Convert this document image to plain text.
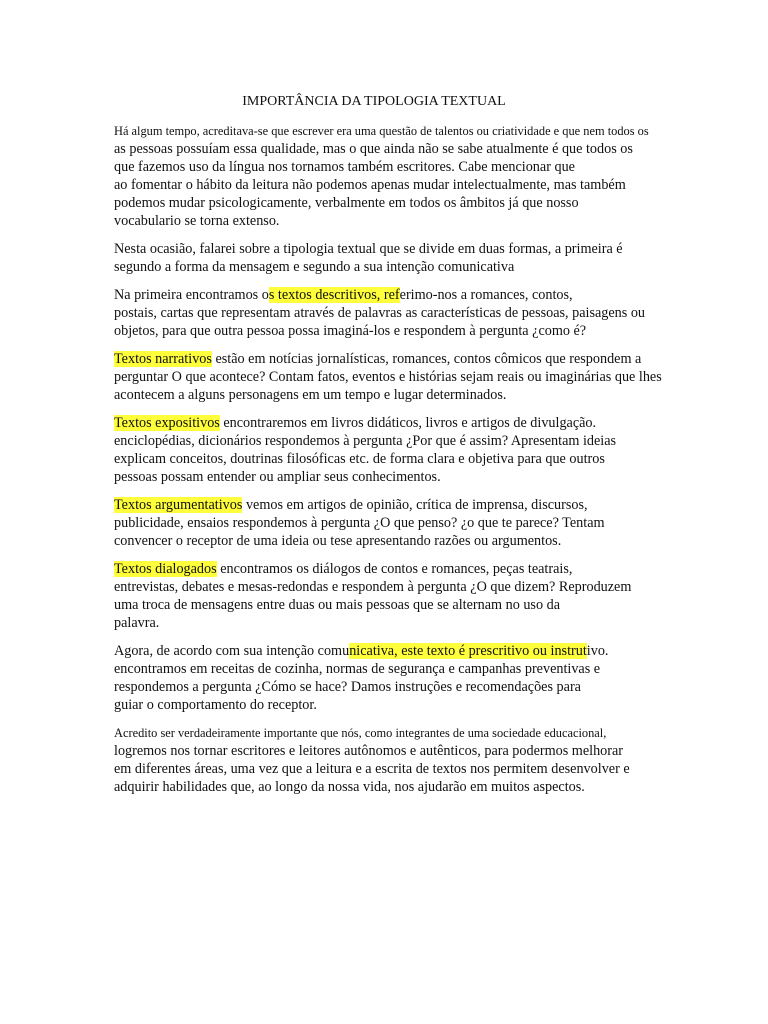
IMPORTÂNCIA DA TIPOLOGIA TEXTUAL

Há algum tempo, acreditava-se que escrever era uma questão de talentos ou criatividade e que nem todos os

as pessoas possuíam essa qualidade, mas o que ainda não se sabe atualmente é que todos os

que fazemos uso da língua nos tornamos também escritores. Cabe mencionar que

ao fomentar o hábito da leitura não podemos apenas mudar intelectualmente, mas também

podemos mudar psicologicamente, verbalmente em todos os âmbitos já que nosso

vocabulario se torna extenso.

Nesta ocasião, falarei sobre a tipologia textual que se divide em duas formas, a primeira é

segundo a forma da mensagem e segundo a sua intenção comunicativa

Na primeira encontramos os textos descritivos, referimo-nos a romances, contos,

postais, cartas que representam através de palavras as características de pessoas, paisagens ou

objetos, para que outra pessoa possa imaginá-los e respondem à pergunta ¿como é?

Textos narrativos estão em notícias jornalísticas, romances, contos cômicos que respondem a

perguntar O que acontece? Contam fatos, eventos e histórias sejam reais ou imaginárias que lhes

acontecem a alguns personagens em um tempo e lugar determinados.

Textos expositivos encontraremos em livros didáticos, livros e artigos de divulgação.

enciclopédias, dicionários respondemos à pergunta ¿Por que é assim? Apresentam ideias

explicam conceitos, doutrinas filosóficas etc. de forma clara e objetiva para que outros

pessoas possam entender ou ampliar seus conhecimentos.

Textos argumentativos vemos em artigos de opinião, crítica de imprensa, discursos,

publicidade, ensaios respondemos à pergunta ¿O que penso? ¿o que te parece? Tentam

convencer o receptor de uma ideia ou tese apresentando razões ou argumentos.

Textos dialogados encontramos os diálogos de contos e romances, peças teatrais,

entrevistas, debates e mesas-redondas e respondem à pergunta ¿O que dizem? Reproduzem

uma troca de mensagens entre duas ou mais pessoas que se alternam no uso da

palavra.

Agora, de acordo com sua intenção comunicativa, este texto é prescritivo ou instrutivo.

encontramos em receitas de cozinha, normas de segurança e campanhas preventivas e

respondemos a pergunta ¿Cómo se hace? Damos instruções e recomendações para

guiar o comportamento do receptor.

Acredito ser verdadeiramente importante que nós, como integrantes de uma sociedade educacional,

logremos nos tornar escritores e leitores autônomos e autênticos, para podermos melhorar

em diferentes áreas, uma vez que a leitura e a escrita de textos nos permitem desenvolver e

adquirir habilidades que, ao longo da nossa vida, nos ajudarão em muitos aspectos.
